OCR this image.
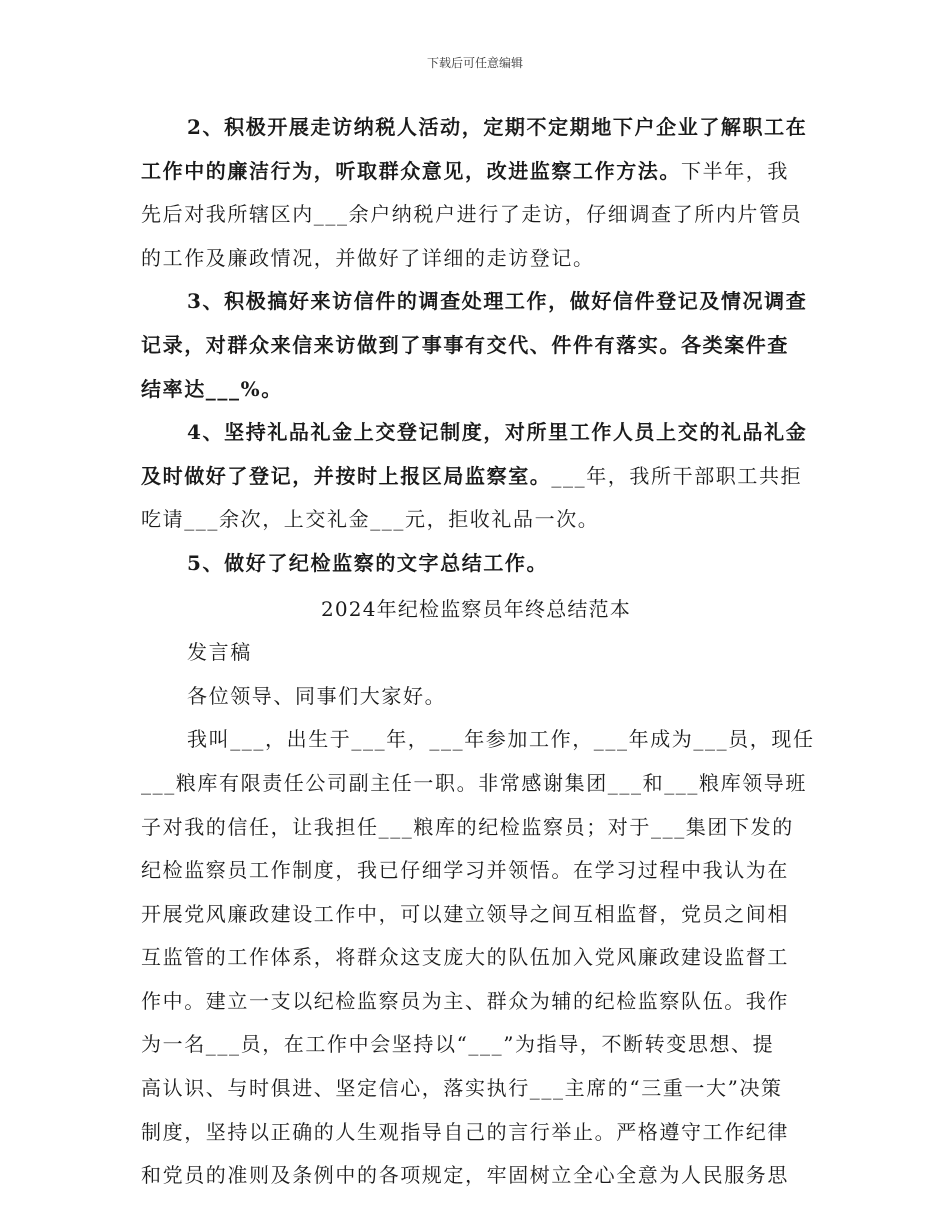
下载后可任意编辑

2、积极开展走访纳税人活动，定期不定期地下户企业了解职工在

工作中的廉洁行为，听取群众意见，改进监察工作方法。下半年，我

先后对我所辖区内___余户纳税户进行了走访，仔细调查了所内片管员

的工作及廉政情况，并做好了详细的走访登记。

3、积极搞好来访信件的调查处理工作，做好信件登记及情况调查

记录，对群众来信来访做到了事事有交代、件件有落实。各类案件查

结率达___%。

4、坚持礼品礼金上交登记制度，对所里工作人员上交的礼品礼金

及时做好了登记，并按时上报区局监察室。___年，我所干部职工共拒

吃请___余次，上交礼金___元，拒收礼品一次。

5、做好了纪检监察的文字总结工作。

2024年纪检监察员年终总结范本

发言稿

各位领导、同事们大家好。

我叫___，出生于___年，___年参加工作，___年成为___员，现任

___粮库有限责任公司副主任一职。非常感谢集团___和___粮库领导班

子对我的信任，让我担任___粮库的纪检监察员；对于___集团下发的

纪检监察员工作制度，我已仔细学习并领悟。在学习过程中我认为在

开展党风廉政建设工作中，可以建立领导之间互相监督，党员之间相

互监管的工作体系，将群众这支庞大的队伍加入党风廉政建设监督工

作中。建立一支以纪检监察员为主、群众为辅的纪检监察队伍。我作

为一名___员，在工作中会坚持以“___”为指导，不断转变思想、提

高认识、与时俱进、坚定信心，落实执行___主席的“三重一大”决策

制度，坚持以正确的人生观指导自己的言行举止。严格遵守工作纪律

和党员的准则及条例中的各项规定，牢固树立全心全意为人民服务思
